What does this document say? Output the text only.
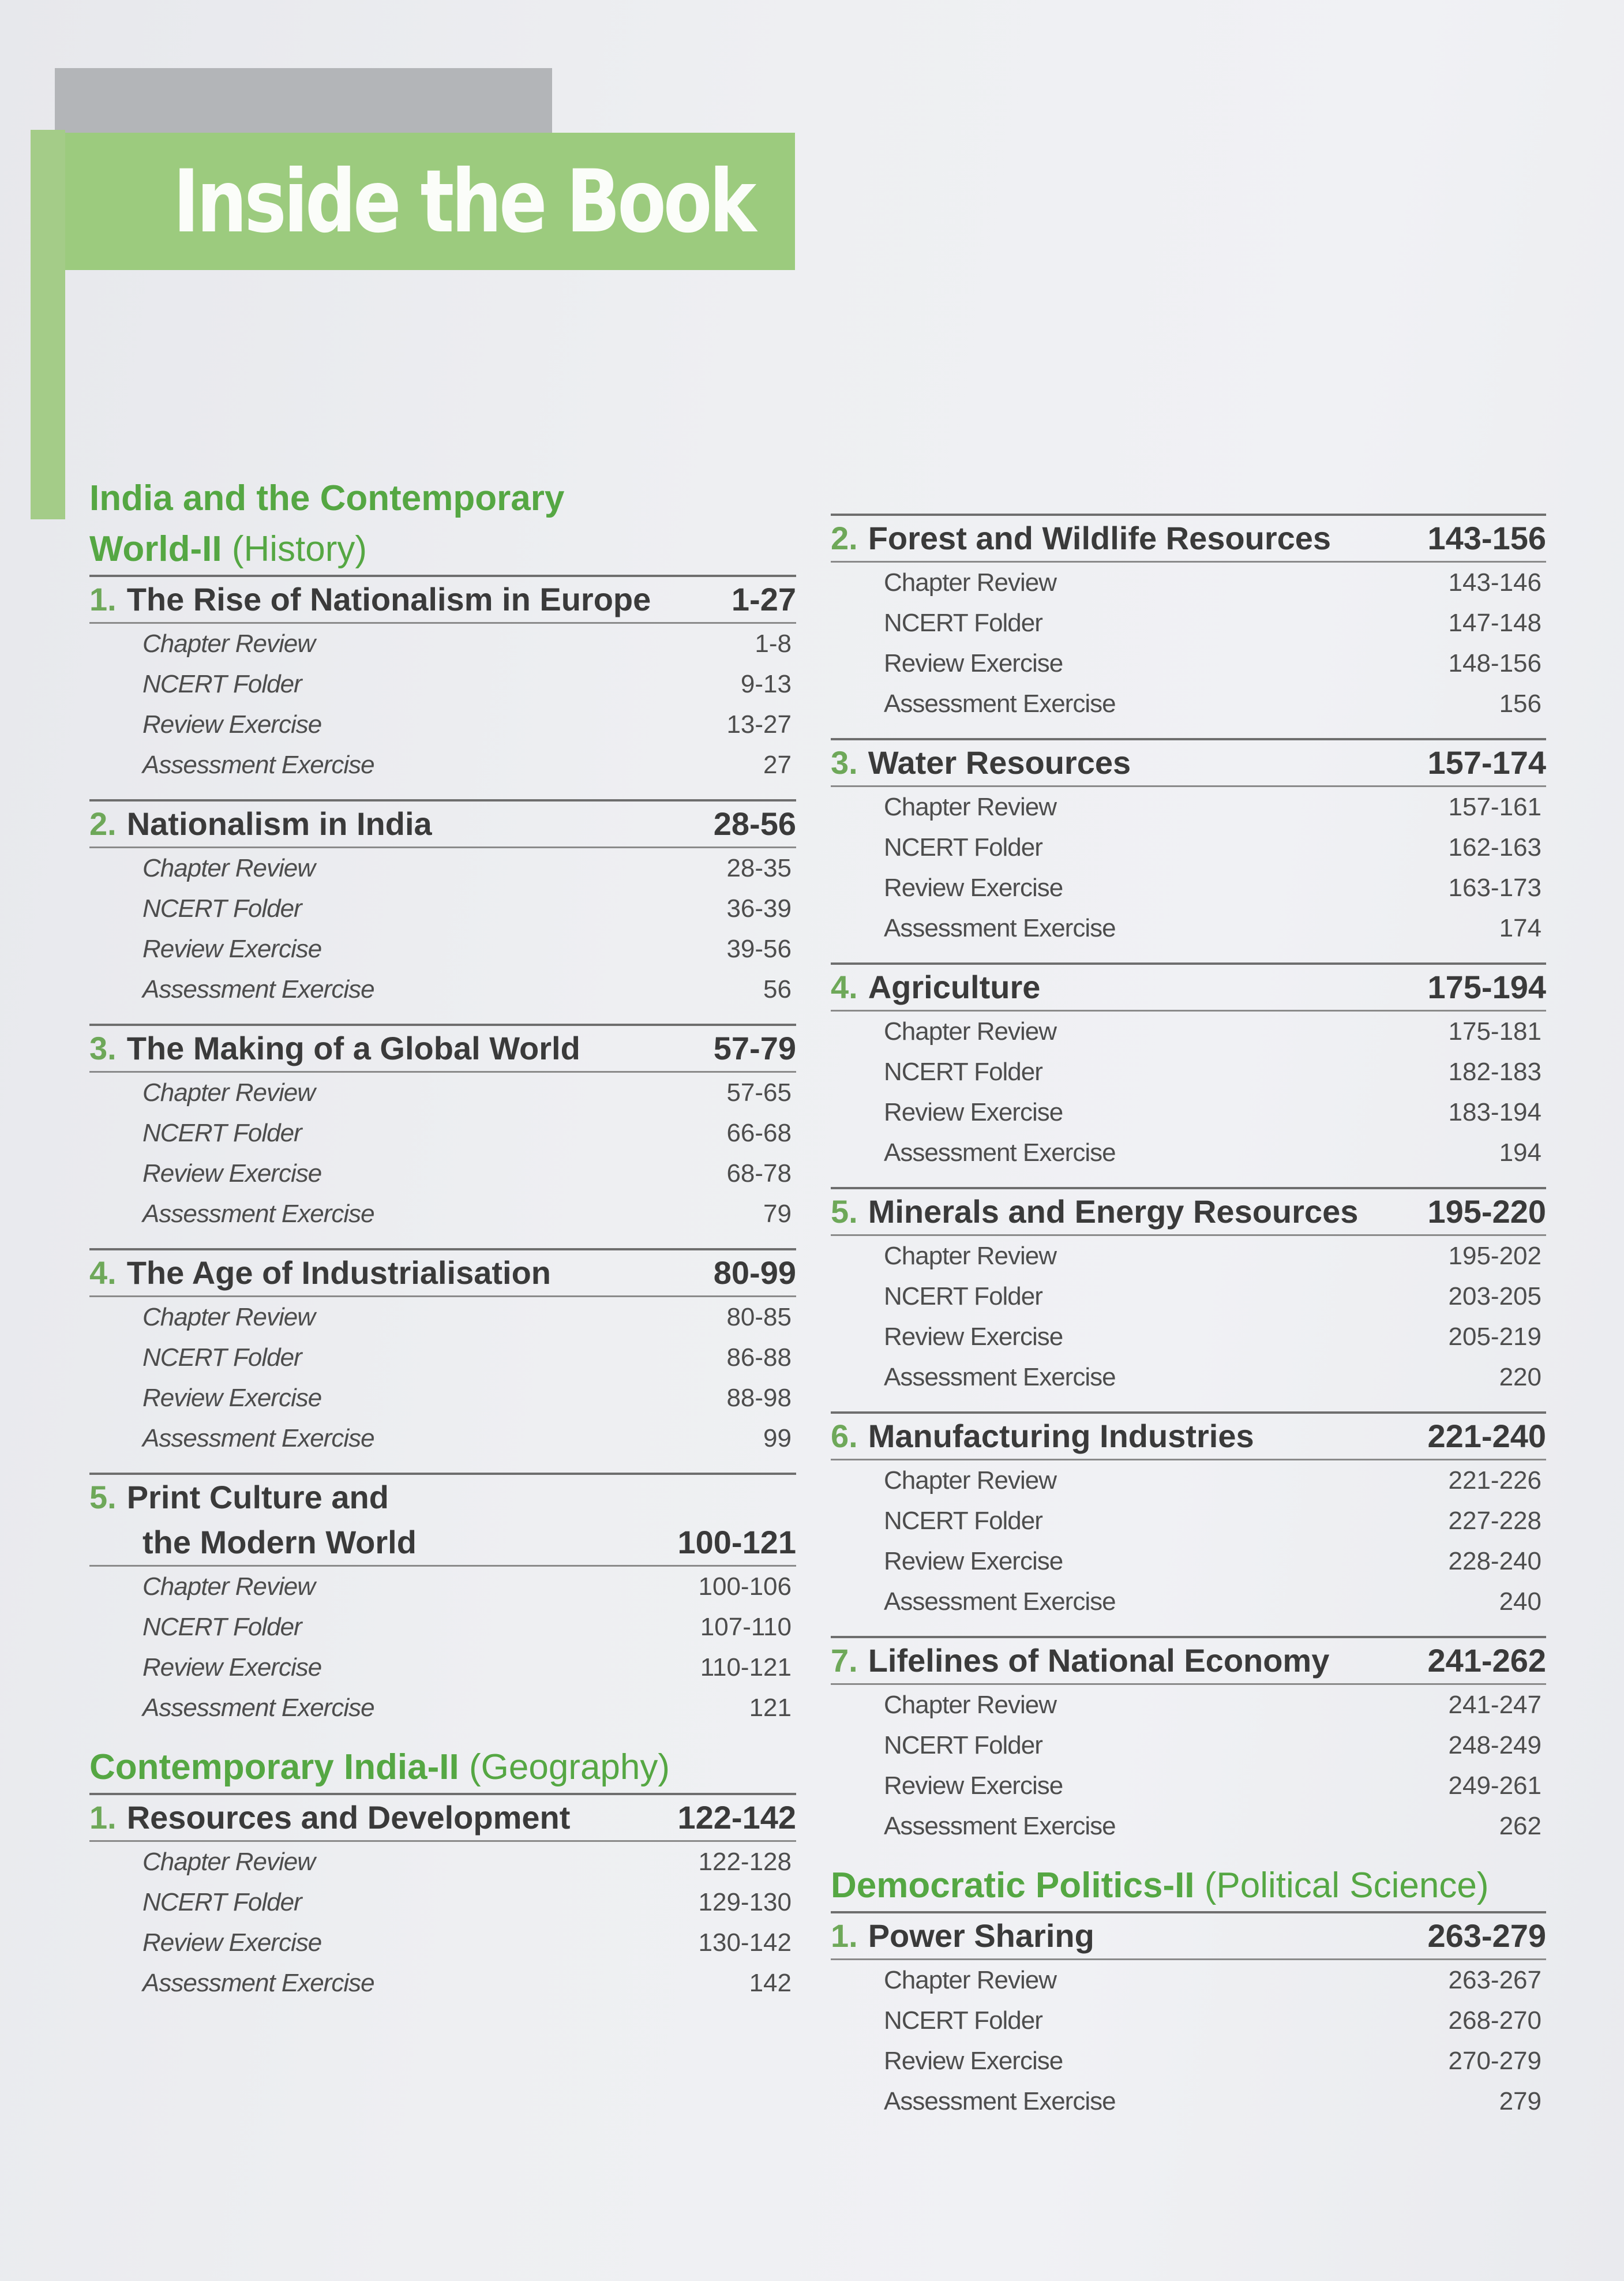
Inside the Book
India and the Contemporary
World-II (History)
1. The Rise of Nationalism in Europe 1-27
Chapter Review	1-8
NCERT Folder	9-13
Review Exercise	13-27
Assessment Exercise	27
2. Nationalism in India	28-56
Chapter Review	28-35
NCERT Folder	36-39
Review Exercise	39-56
Assessment Exercise	56
3. The Making of a Global World	57-79
Chapter Review	57-65
NCERT Folder	66-68
Review Exercise	68-78
Assessment Exercise	79
4. The Age of Industrialisation	80-99
Chapter Review	80-85
NCERT Folder	86-88
Review Exercise	88-98
Assessment Exercise	99
5. Print Culture and
the Modern World	100-121
Chapter Review	100-106
NCERT Folder	107-110
Review Exercise	110-121
Assessment Exercise	121
Contemporary India-II (Geography)
1. Resources and Development	122-142
Chapter Review	122-128
NCERT Folder	129-130
Review Exercise	130-142
Assessment Exercise	142
2. Forest and Wildlife Resources	143-156
Chapter Review	143-146
NCERT Folder	147-148
Review Exercise	148-156
Assessment Exercise	156
3. Water Resources	157-174
Chapter Review	157-161
NCERT Folder	162-163
Review Exercise	163-173
Assessment Exercise	174
4. Agriculture	175-194
Chapter Review	175-181
NCERT Folder	182-183
Review Exercise	183-194
Assessment Exercise	194
5. Minerals and Energy Resources 195-220
Chapter Review	195-202
NCERT Folder	203-205
Review Exercise	205-219
Assessment Exercise	220
6. Manufacturing Industries	221-240
Chapter Review	221-226
NCERT Folder	227-228
Review Exercise	228-240
Assessment Exercise	240
7. Lifelines of National Economy	241-262
Chapter Review	241-247
NCERT Folder	248-249
Review Exercise	249-261
Assessment Exercise	262
Democratic Politics-II (Political Science)
1. Power Sharing	263-279
Chapter Review	263-267
NCERT Folder	268-270
Review Exercise	270-279
Assessment Exercise	279
